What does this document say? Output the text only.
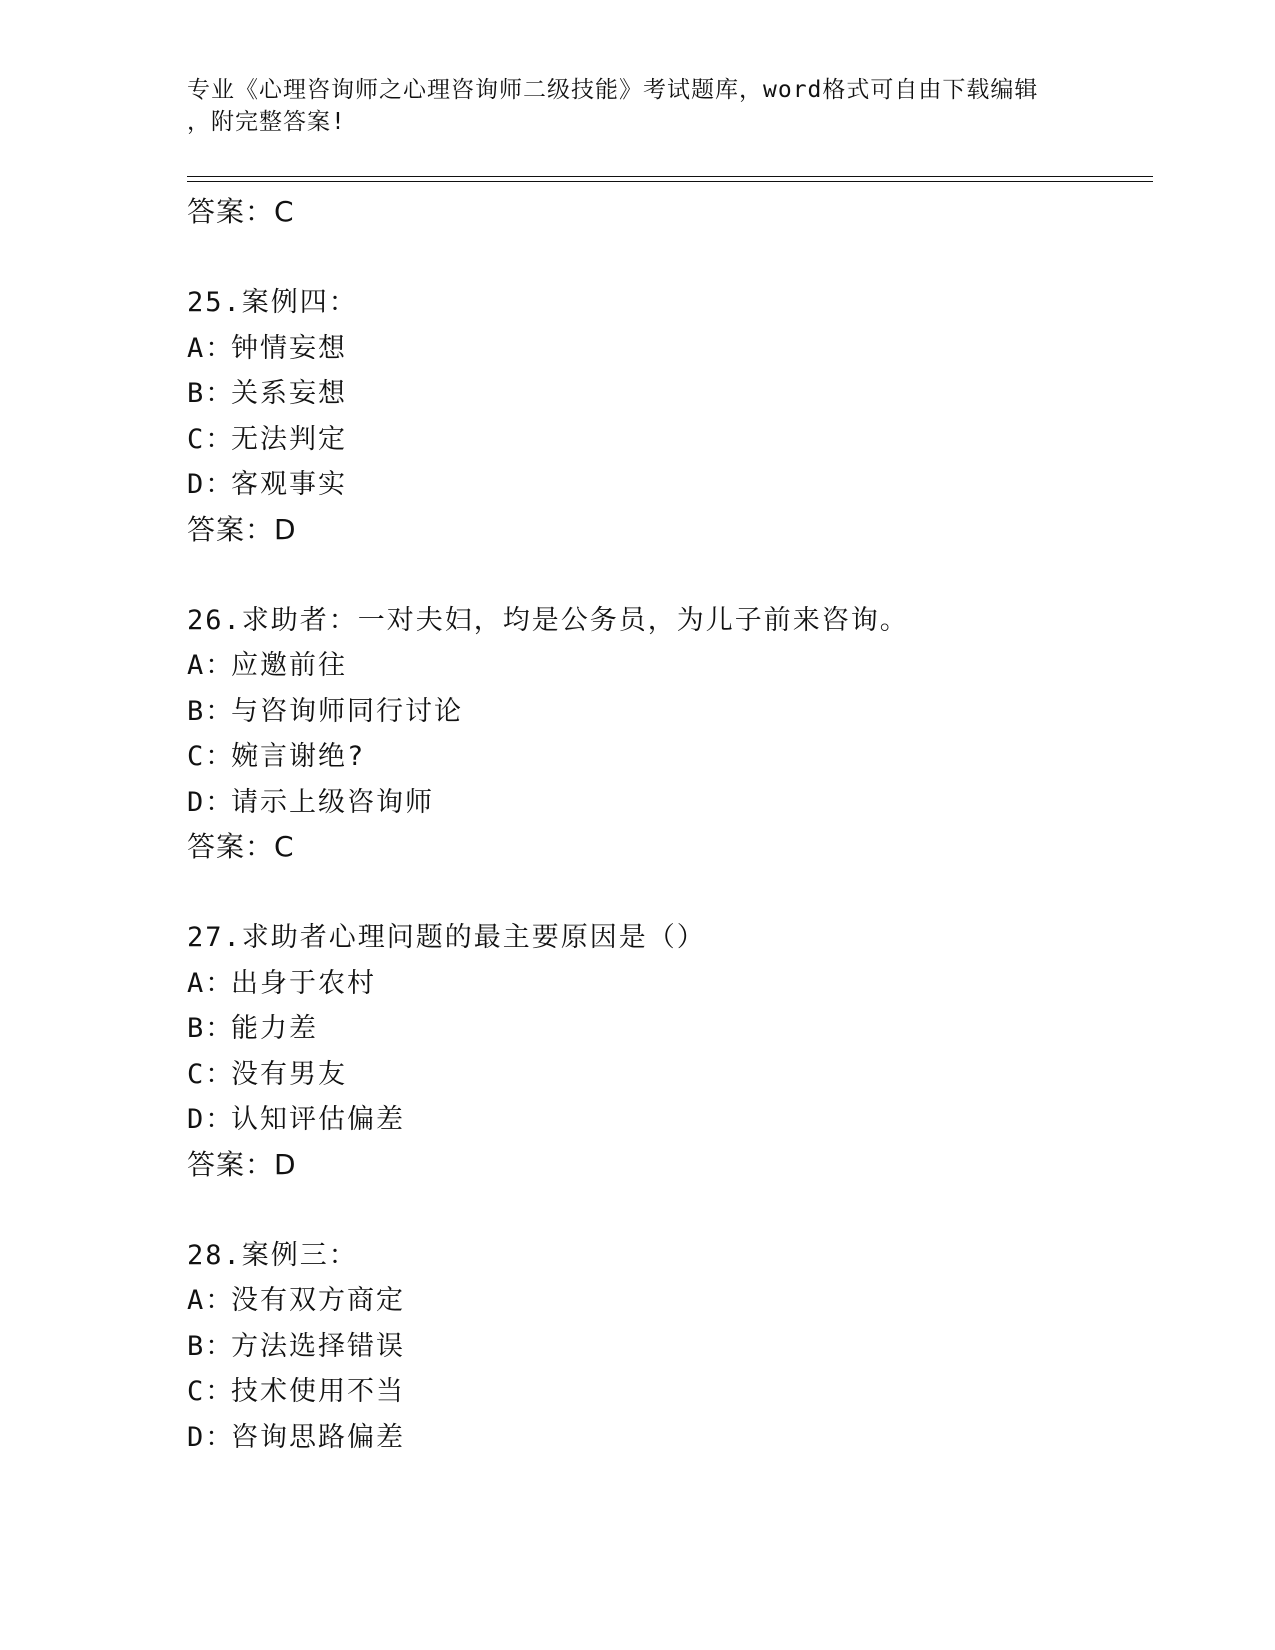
专业《心理咨询师之心理咨询师二级技能》考试题库，word格式可自由下载编辑
，附完整答案!
答案：C
25.案例四：
A：钟情妄想
B：关系妄想
C：无法判定
D：客观事实
答案：D
26.求助者：一对夫妇，均是公务员，为儿子前来咨询。
A：应邀前往
B：与咨询师同行讨论
C：婉言谢绝?
D：请示上级咨询师
答案：C
27.求助者心理问题的最主要原因是（）
A：出身于农村
B：能力差
C：没有男友
D：认知评估偏差
答案：D
28.案例三：
A：没有双方商定
B：方法选择错误
C：技术使用不当
D：咨询思路偏差
